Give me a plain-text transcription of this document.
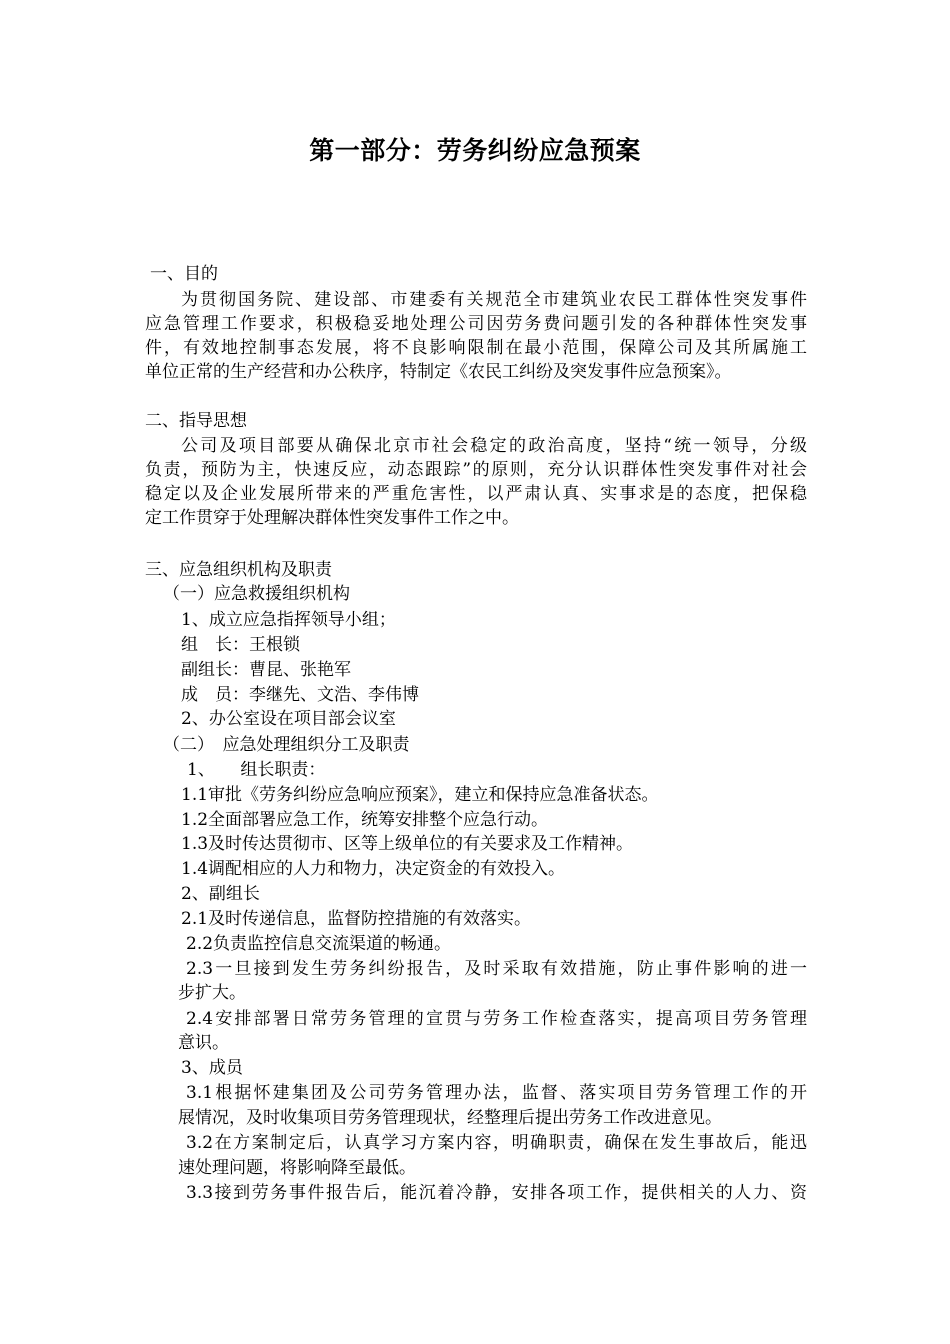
第一部分：劳务纠纷应急预案
一、目的
为贯彻国务院、建设部、市建委有关规范全市建筑业农民工群体性突发事件
应急管理工作要求，积极稳妥地处理公司因劳务费问题引发的各种群体性突发事
件，有效地控制事态发展，将不良影响限制在最小范围，保障公司及其所属施工
单位正常的生产经营和办公秩序，特制定《农民工纠纷及突发事件应急预案》。
二、指导思想
公司及项目部要从确保北京市社会稳定的政治高度，坚持“统一领导，分级
负责，预防为主，快速反应，动态跟踪”的原则，充分认识群体性突发事件对社会
稳定以及企业发展所带来的严重危害性，以严肃认真、实事求是的态度，把保稳
定工作贯穿于处理解决群体性突发事件工作之中。
三、应急组织机构及职责
（一）应急救援组织机构
1、成立应急指挥领导小组；
组　长：王根锁
副组长：曹昆、张艳军
成　员：李继先、文浩、李伟博
2、办公室设在项目部会议室
（二）　应急处理组织分工及职责
1、　　组长职责：
1.1审批《劳务纠纷应急响应预案》，建立和保持应急准备状态。
1.2全面部署应急工作，统筹安排整个应急行动。
1.3及时传达贯彻市、区等上级单位的有关要求及工作精神。
1.4调配相应的人力和物力，决定资金的有效投入。
2、副组长
2.1及时传递信息，监督防控措施的有效落实。
2.2负责监控信息交流渠道的畅通。
2.3一旦接到发生劳务纠纷报告，及时采取有效措施，防止事件影响的进一
步扩大。
2.4安排部署日常劳务管理的宣贯与劳务工作检查落实，提高项目劳务管理
意识。
3、成员
3.1根据怀建集团及公司劳务管理办法，监督、落实项目劳务管理工作的开
展情况，及时收集项目劳务管理现状，经整理后提出劳务工作改进意见。
3.2在方案制定后，认真学习方案内容，明确职责，确保在发生事故后，能迅
速处理问题，将影响降至最低。
3.3接到劳务事件报告后，能沉着冷静，安排各项工作，提供相关的人力、资
